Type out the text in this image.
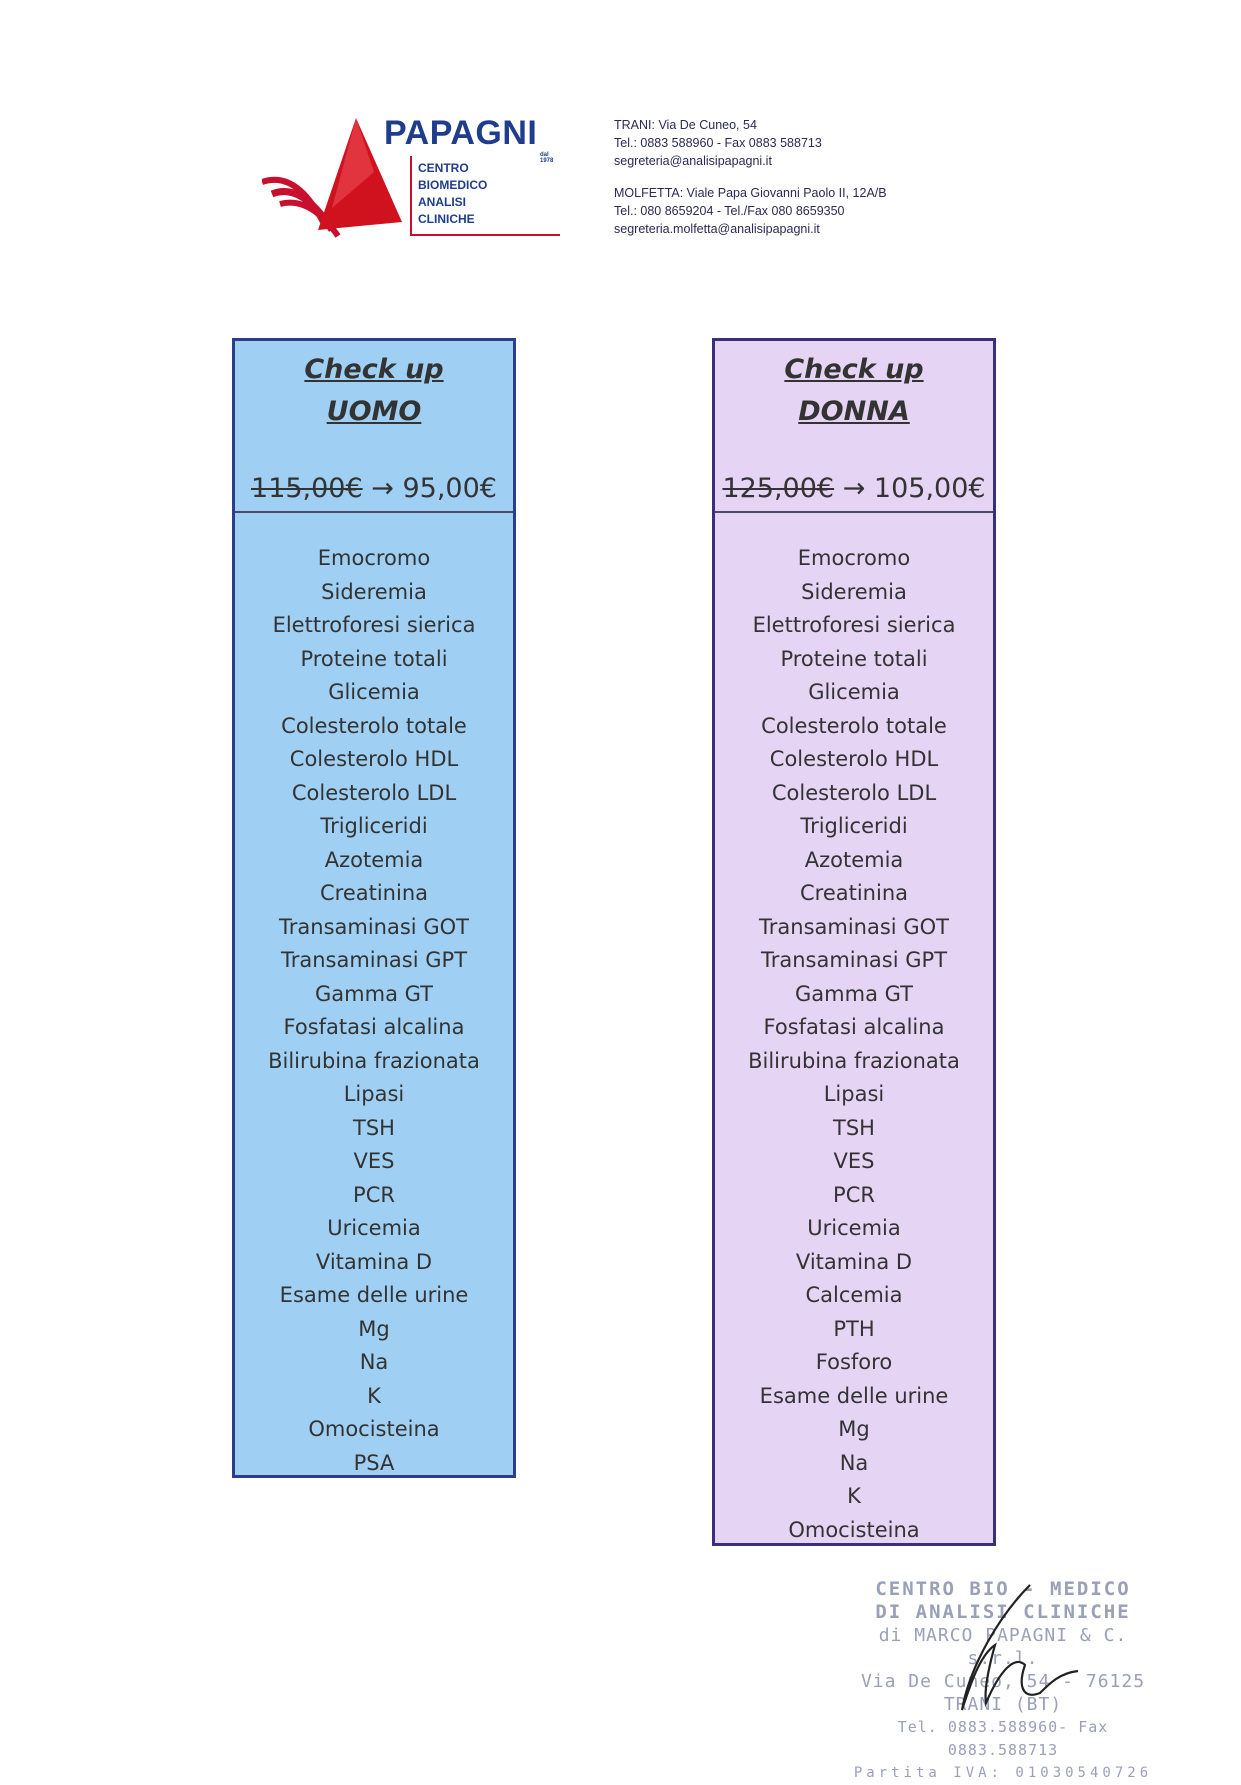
PAPAGNI
dal 1978
CENTRO
BIOMEDICO
ANALISI
CLINICHE
TRANI: Via De Cuneo, 54
Tel.: 0883 588960 - Fax 0883 588713
segreteria@analisipapagni.it
MOLFETTA: Viale Papa Giovanni Paolo II, 12A/B
Tel.: 080 8659204 - Tel./Fax 080 8659350
segreteria.molfetta@analisipapagni.it
Check up
UOMO
115,00€ → 95,00€
Emocromo
Sideremia
Elettroforesi sierica
Proteine totali
Glicemia
Colesterolo totale
Colesterolo HDL
Colesterolo LDL
Trigliceridi
Azotemia
Creatinina
Transaminasi GOT
Transaminasi GPT
Gamma GT
Fosfatasi alcalina
Bilirubina frazionata
Lipasi
TSH
VES
PCR
Uricemia
Vitamina D
Esame delle urine
Mg
Na
K
Omocisteina
PSA
Check up
DONNA
125,00€ → 105,00€
Emocromo
Sideremia
Elettroforesi sierica
Proteine totali
Glicemia
Colesterolo totale
Colesterolo HDL
Colesterolo LDL
Trigliceridi
Azotemia
Creatinina
Transaminasi GOT
Transaminasi GPT
Gamma GT
Fosfatasi alcalina
Bilirubina frazionata
Lipasi
TSH
VES
PCR
Uricemia
Vitamina D
Calcemia
PTH
Fosforo
Esame delle urine
Mg
Na
K
Omocisteina
CENTRO BIO - MEDICO
DI ANALISI CLINICHE
di MARCO PAPAGNI & C. s.r.l.
Via De Cuneo, 54 - 76125 TRANI (BT)
Tel. 0883.588960- Fax 0883.588713
Partita IVA: 01030540726
